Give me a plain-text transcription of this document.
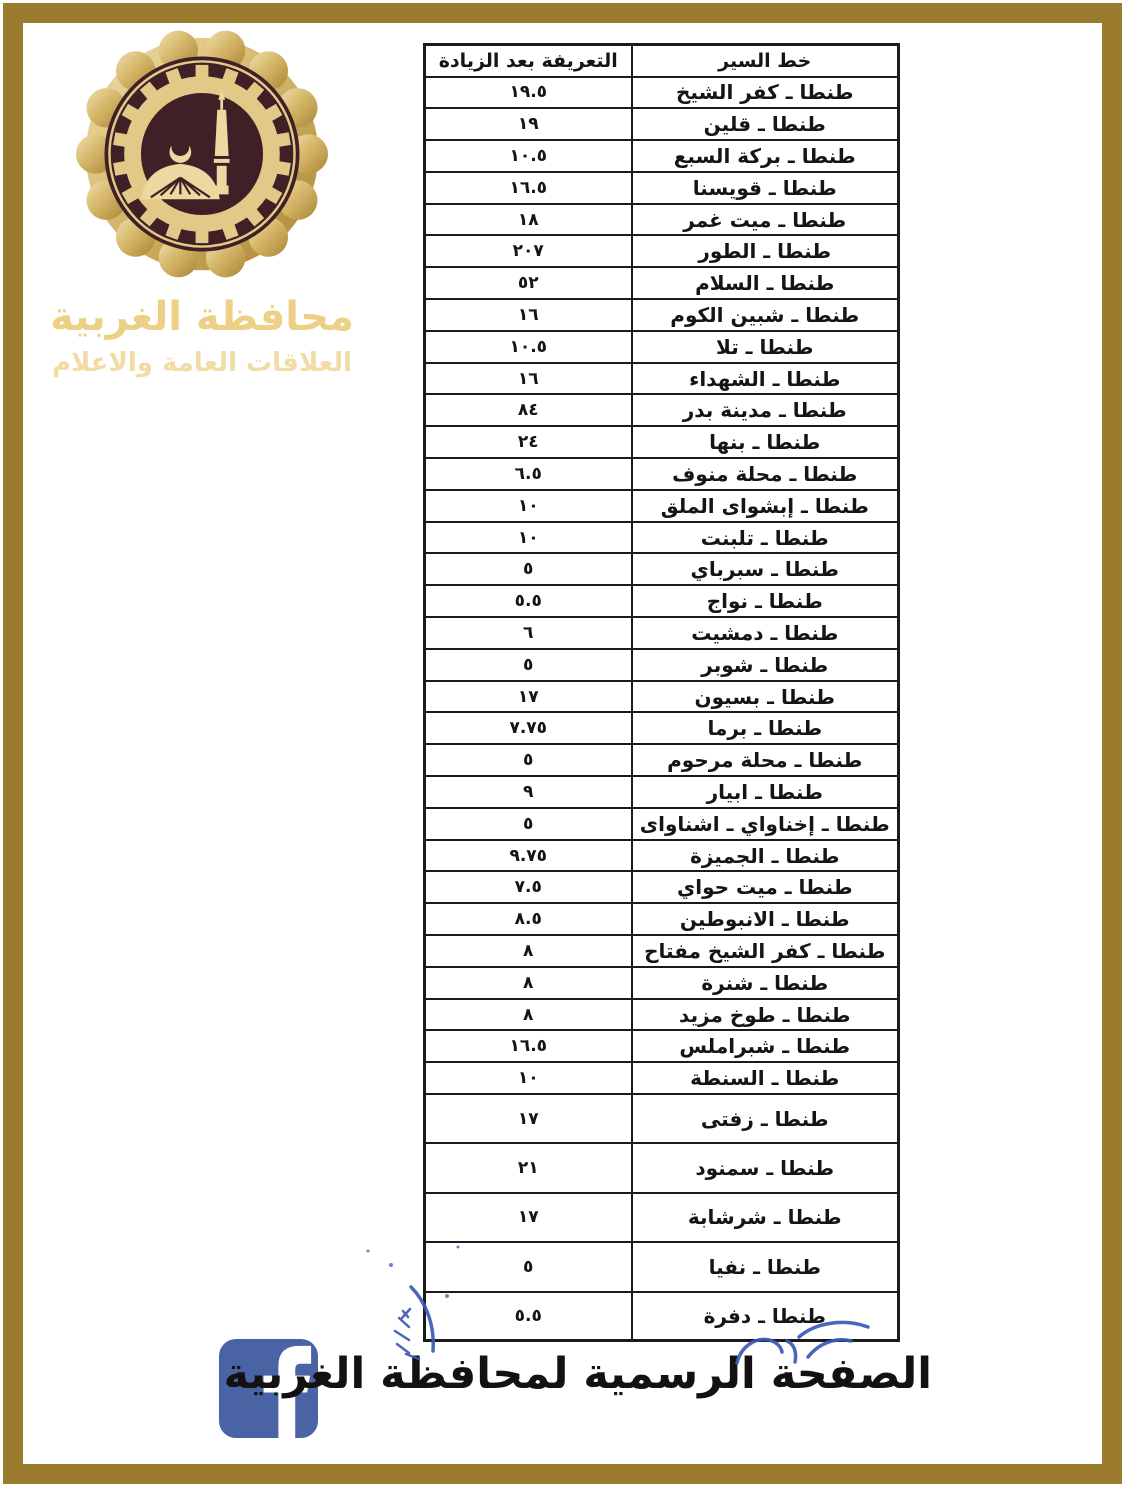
محافظة الغربية
العلاقات العامة والاعلام
خط السير	التعريفة بعد الزيادة
طنطا ـ كفر الشيخ	١٩.٥
طنطا ـ قلين	١٩
طنطا ـ بركة السبع	١٠.٥
طنطا ـ قويسنا	١٦.٥
طنطا ـ ميت غمر	١٨
طنطا ـ الطور	٢٠٧
طنطا ـ السلام	٥٢
طنطا ـ شبين الكوم	١٦
طنطا ـ تلا	١٠.٥
طنطا ـ الشهداء	١٦
طنطا ـ مدينة بدر	٨٤
طنطا ـ بنها	٢٤
طنطا ـ محلة منوف	٦.٥
طنطا ـ إبشواى الملق	١٠
طنطا ـ تلبنت	١٠
طنطا ـ سبرباي	٥
طنطا ـ نواج	٥.٥
طنطا ـ دمشيت	٦
طنطا ـ شوبر	٥
طنطا ـ بسيون	١٧
طنطا ـ برما	٧.٧٥
طنطا ـ محلة مرحوم	٥
طنطا ـ ابيار	٩
طنطا ـ إخناواي ـ اشناواى	٥
طنطا ـ الجميزة	٩.٧٥
طنطا ـ ميت حواي	٧.٥
طنطا ـ الانبوطين	٨.٥
طنطا ـ كفر الشيخ مفتاح	٨
طنطا ـ شنرة	٨
طنطا ـ طوخ مزيد	٨
طنطا ـ شبراملس	١٦.٥
طنطا ـ السنطة	١٠
طنطا ـ زفتى	١٧
طنطا ـ سمنود	٢١
طنطا ـ شرشابة	١٧
طنطا ـ نفيا	٥
طنطا ـ دفرة	٥.٥
الصفحة الرسمية لمحافظة الغربية
